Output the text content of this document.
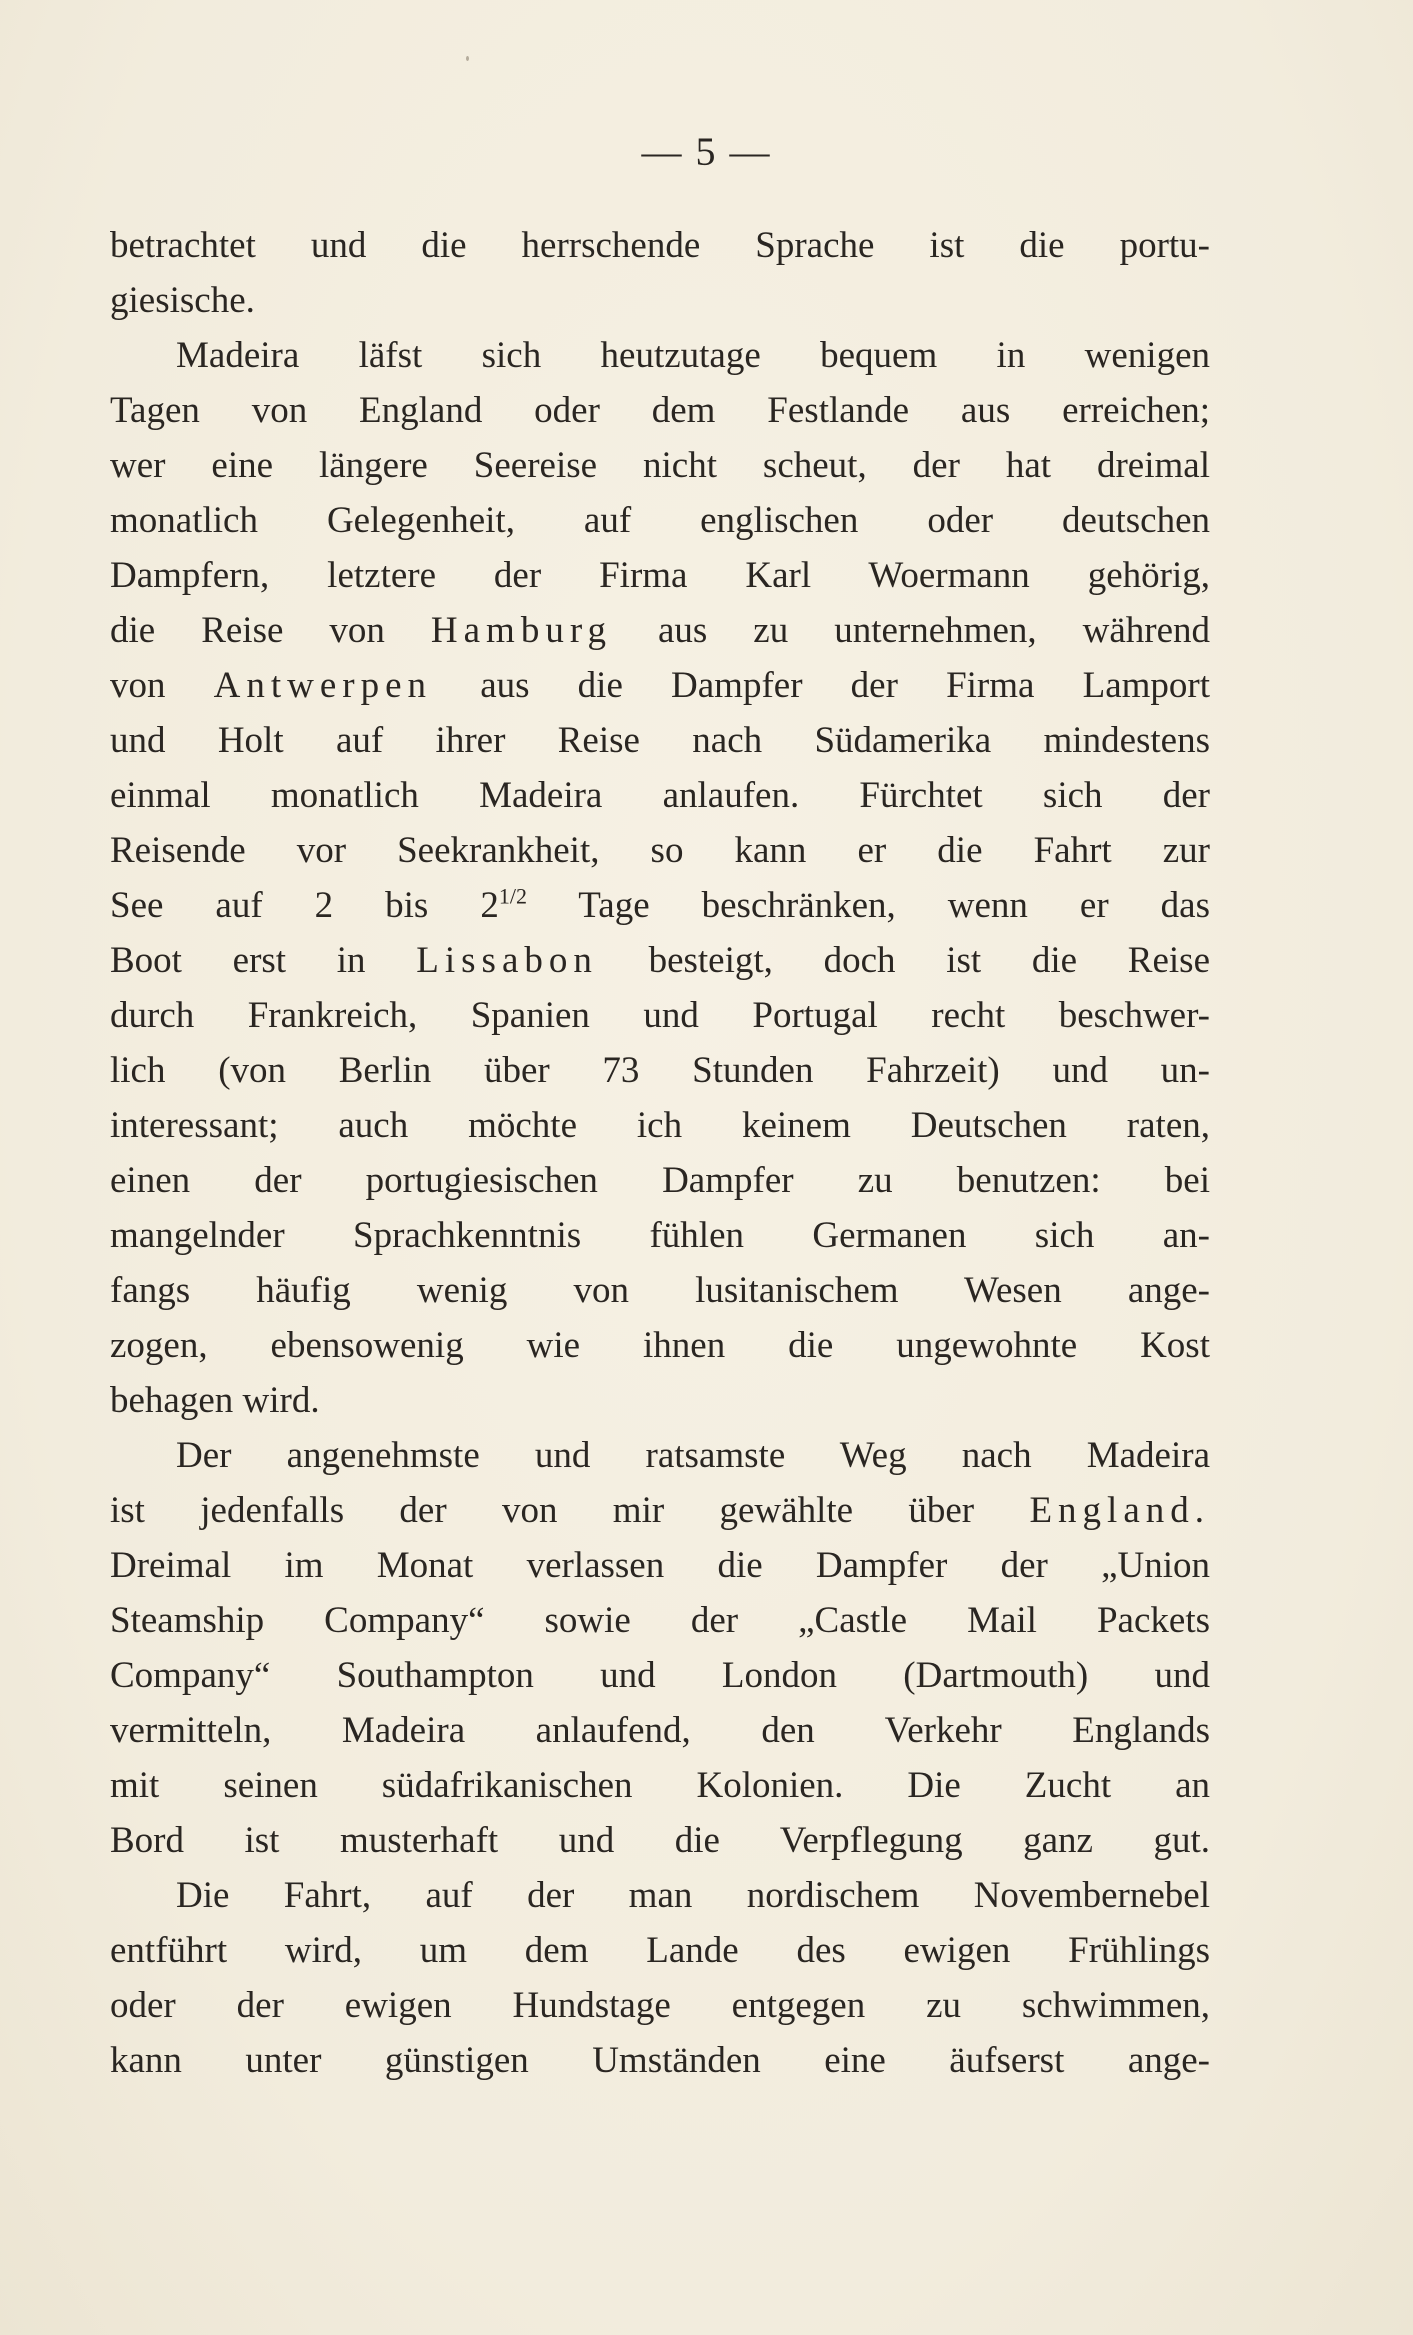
— 5 —
betrachtet und die herrschende Sprache ist die portu-
giesische.
Madeira läfst sich heutzutage bequem in wenigen
Tagen von England oder dem Festlande aus erreichen;
wer eine längere Seereise nicht scheut, der hat dreimal
monatlich Gelegenheit, auf englischen oder deutschen
Dampfern, letztere der Firma Karl Woermann gehörig,
die Reise von Hamburg aus zu unternehmen, während
von Antwerpen aus die Dampfer der Firma Lamport
und Holt auf ihrer Reise nach Südamerika mindestens
einmal monatlich Madeira anlaufen. Fürchtet sich der
Reisende vor Seekrankheit, so kann er die Fahrt zur
See auf 2 bis $2^{1/2}$ Tage beschränken, wenn er das
Boot erst in Lissabon besteigt, doch ist die Reise
durch Frankreich, Spanien und Portugal recht beschwer-
lich (von Berlin über 73 Stunden Fahrzeit) und un-
interessant; auch möchte ich keinem Deutschen raten,
einen der portugiesischen Dampfer zu benutzen: bei
mangelnder Sprachkenntnis fühlen Germanen sich an-
fangs häufig wenig von lusitanischem Wesen ange-
zogen, ebensowenig wie ihnen die ungewohnte Kost
behagen wird.
Der angenehmste und ratsamste Weg nach Madeira
ist jedenfalls der von mir gewählte über England.
Dreimal im Monat verlassen die Dampfer der „Union
Steamship Company“ sowie der „Castle Mail Packets
Company“ Southampton und London (Dartmouth) und
vermitteln, Madeira anlaufend, den Verkehr Englands
mit seinen südafrikanischen Kolonien. Die Zucht an
Bord ist musterhaft und die Verpflegung ganz gut.
Die Fahrt, auf der man nordischem Novembernebel
entführt wird, um dem Lande des ewigen Frühlings
oder der ewigen Hundstage entgegen zu schwimmen,
kann unter günstigen Umständen eine äufserst ange-
